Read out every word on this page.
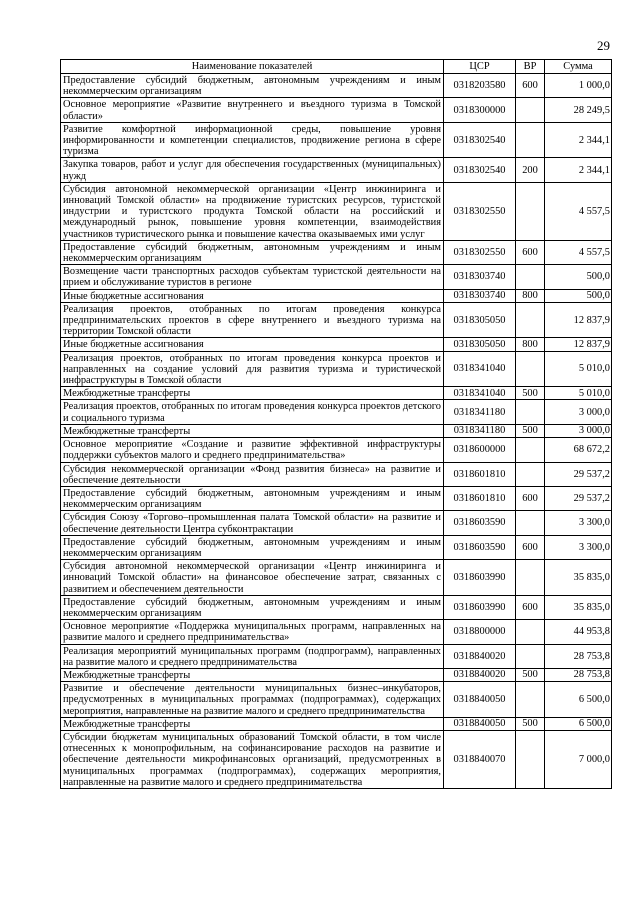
29
Наименование показателей	ЦСР	ВР	Сумма
Предоставление субсидий бюджетным, автономным учреждениям и иным некоммерческим организациям	0318203580	600	1 000,0
Основное мероприятие «Развитие внутреннего и въездного туризма в Томской области»	0318300000		28 249,5
Развитие комфортной информационной среды, повышение уровня информированности и компетенции специалистов, продвижение региона в сфере туризма	0318302540		2 344,1
Закупка товаров, работ и услуг для обеспечения государственных (муниципальных) нужд	0318302540	200	2 344,1
Субсидия автономной некоммерческой организации «Центр инжиниринга и инноваций Томской области» на продвижение туристских ресурсов, туристской индустрии и туристского продукта Томской области на российский и международный рынок, повышение уровня компетенции, взаимодействия участников туристического рынка и повышение качества оказываемых ими услуг	0318302550		4 557,5
Предоставление субсидий бюджетным, автономным учреждениям и иным некоммерческим организациям	0318302550	600	4 557,5
Возмещение части транспортных расходов субъектам туристской деятельности на прием и обслуживание туристов в регионе	0318303740		500,0
Иные бюджетные ассигнования	0318303740	800	500,0
Реализация проектов, отобранных по итогам проведения конкурса предпринимательских проектов в сфере внутреннего и въездного туризма на территории Томской области	0318305050		12 837,9
Иные бюджетные ассигнования	0318305050	800	12 837,9
Реализация проектов, отобранных по итогам проведения конкурса проектов и направленных на создание условий для развития туризма и туристической инфраструктуры в Томской области	0318341040		5 010,0
Межбюджетные трансферты	0318341040	500	5 010,0
Реализация проектов, отобранных по итогам проведения конкурса проектов детского и социального туризма	0318341180		3 000,0
Межбюджетные трансферты	0318341180	500	3 000,0
Основное мероприятие «Создание и развитие эффективной инфраструктуры поддержки субъектов малого и среднего предпринимательства»	0318600000		68 672,2
Субсидия некоммерческой организации «Фонд развития бизнеса» на развитие и обеспечение деятельности	0318601810		29 537,2
Предоставление субсидий бюджетным, автономным учреждениям и иным некоммерческим организациям	0318601810	600	29 537,2
Субсидия Союзу «Торгово–промышленная палата Томской области» на развитие и обеспечение деятельности Центра субконтрактации	0318603590		3 300,0
Предоставление субсидий бюджетным, автономным учреждениям и иным некоммерческим организациям	0318603590	600	3 300,0
Субсидия автономной некоммерческой организации «Центр инжиниринга и инноваций Томской области» на финансовое обеспечение затрат, связанных с развитием и обеспечением деятельности	0318603990		35 835,0
Предоставление субсидий бюджетным, автономным учреждениям и иным некоммерческим организациям	0318603990	600	35 835,0
Основное мероприятие «Поддержка муниципальных программ, направленных на развитие малого и среднего предпринимательства»	0318800000		44 953,8
Реализация мероприятий муниципальных программ (подпрограмм), направленных на развитие малого и среднего предпринимательства	0318840020		28 753,8
Межбюджетные трансферты	0318840020	500	28 753,8
Развитие и обеспечение деятельности муниципальных бизнес–инкубаторов, предусмотренных в муниципальных программах (подпрограммах), содержащих мероприятия, направленные на развитие малого и среднего предпринимательства	0318840050		6 500,0
Межбюджетные трансферты	0318840050	500	6 500,0
Субсидии бюджетам муниципальных образований Томской области, в том числе отнесенных к монопрофильным, на софинансирование расходов на развитие и обеспечение деятельности микрофинансовых организаций, предусмотренных в муниципальных программах (подпрограммах), содержащих мероприятия, направленные на развитие малого и среднего предпринимательства	0318840070		7 000,0
